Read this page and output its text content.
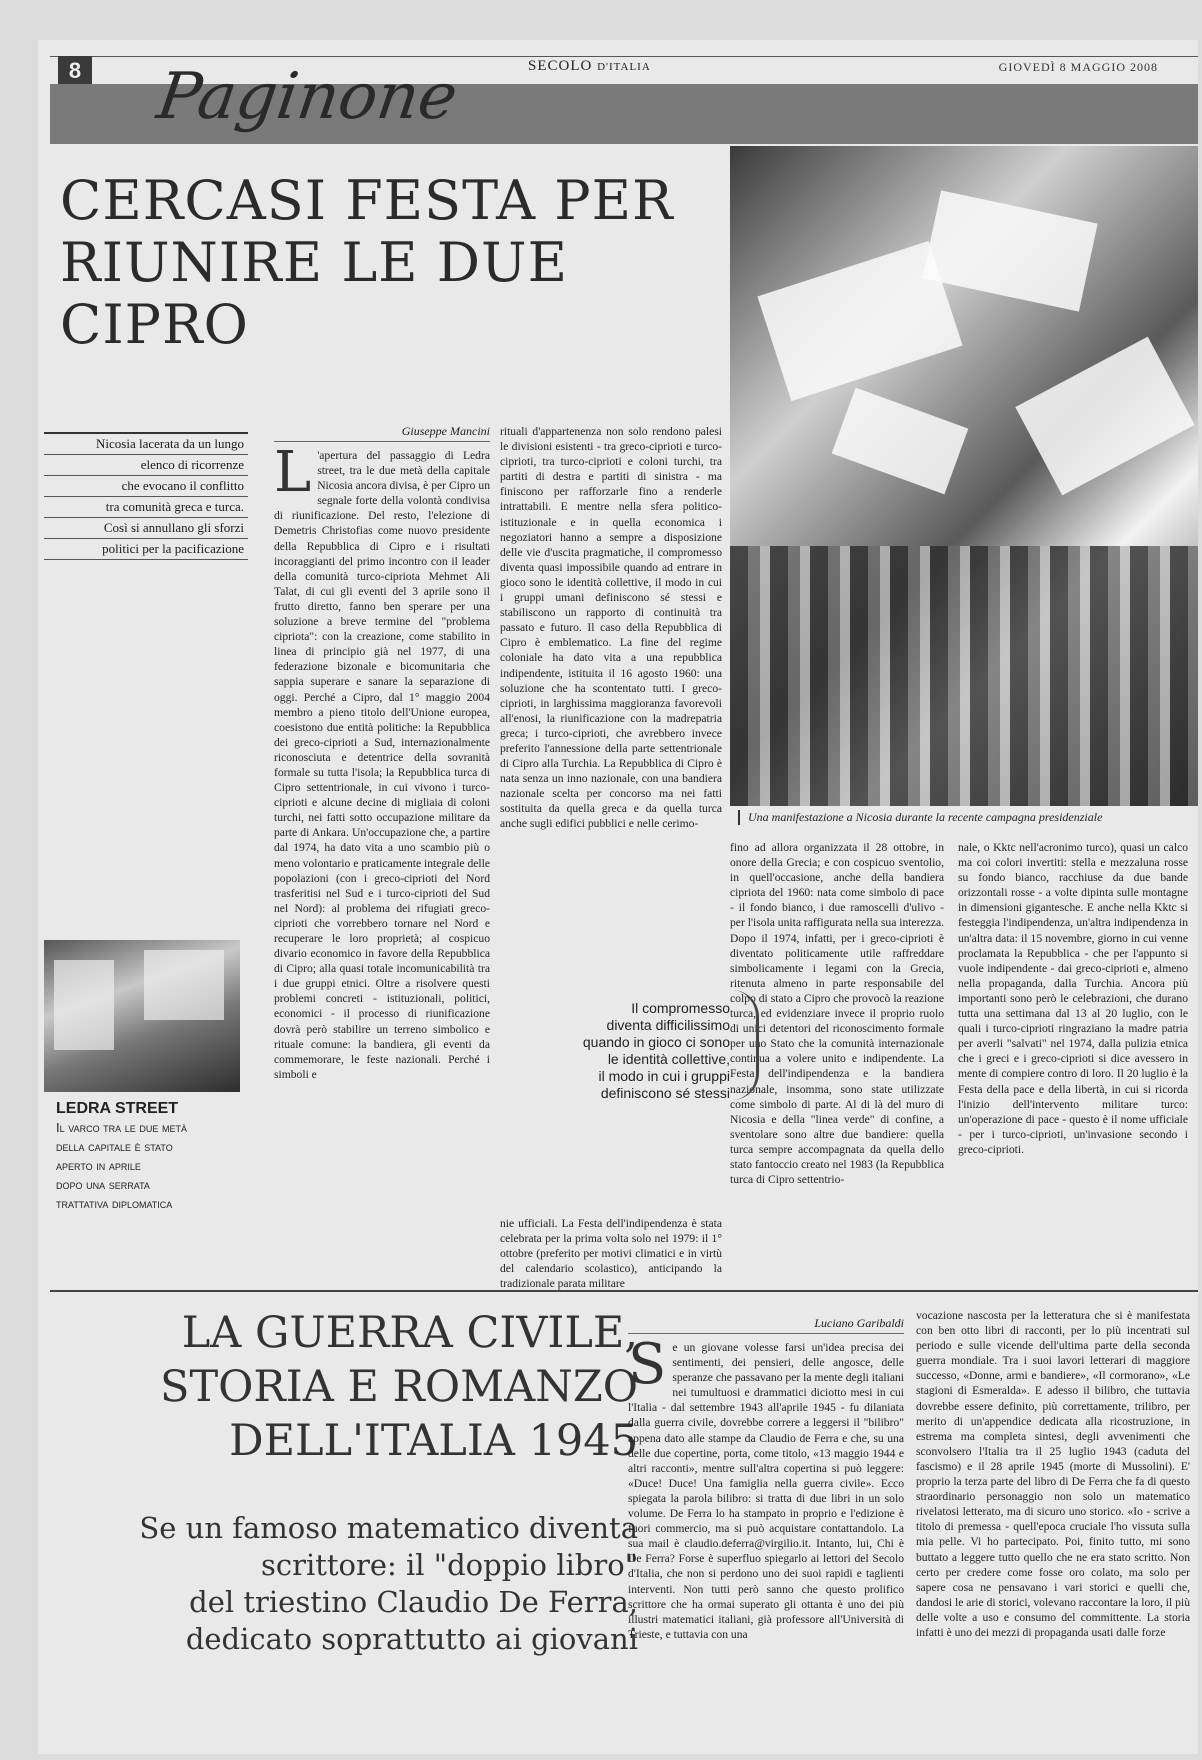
8	SECOLO D'ITALIA	GIOVEDÌ 8 MAGGIO 2008
Paginone
CERCASI FESTA PER RIUNIRE LE DUE CIPRO
Una manifestazione a Nicosia durante la recente campagna presidenziale
Nicosia lacerata da un lungo
elenco di ricorrenze
che evocano il conflitto
tra comunità greca e turca.
Così si annullano gli sforzi
politici per la pacificazione
Giuseppe Mancini
L 'apertura del passaggio di Ledra street, tra le due metà della capitale Nicosia ancora divisa, è per Cipro un segnale forte della volontà condivisa di riunificazione. Del resto, l'elezione di Demetris Christofias come nuovo presidente della Repubblica di Cipro e i risultati incoraggianti del primo incontro con il leader della comunità turco-cipriota Mehmet Ali Talat, di cui gli eventi del 3 aprile sono il frutto diretto, fanno ben sperare per una soluzione a breve termine del "problema cipriota": con la creazione, come stabilito in linea di principio già nel 1977, di una federazione bizonale e bicomunitaria che sappia superare e sanare la separazione di oggi. Perché a Cipro, dal 1° maggio 2004 membro a pieno titolo dell'Unione europea, coesistono due entità politiche: la Repubblica dei greco-ciprioti a Sud, internazionalmente riconosciuta e detentrice della sovranità formale su tutta l'isola; la Repubblica turca di Cipro settentrionale, in cui vivono i turco-ciprioti e alcune decine di migliaia di coloni turchi, nei fatti sotto occupazione militare da parte di Ankara. Un'occupazione che, a partire dal 1974, ha dato vita a uno scambio più o meno volontario e praticamente integrale delle popolazioni (con i greco-ciprioti del Nord trasferitisi nel Sud e i turco-ciprioti del Sud nel Nord): al problema dei rifugiati greco-ciprioti che vorrebbero tornare nel Nord e recuperare le loro proprietà; al cospicuo divario economico in favore della Repubblica di Cipro; alla quasi totale incomunicabilità tra i due gruppi etnici. Oltre a risolvere questi problemi concreti - istituzionali, politici, economici - il processo di riunificazione dovrà però stabilire un terreno simbolico e rituale comune: la bandiera, gli eventi da commemorare, le feste nazionali. Perché i simboli e
rituali d'appartenenza non solo rendono palesi le divisioni esistenti - tra greco-ciprioti e turco-ciprioti, tra turco-ciprioti e coloni turchi, tra partiti di destra e partiti di sinistra - ma finiscono per rafforzarle fino a renderle intrattabili. E mentre nella sfera politico-istituzionale e in quella economica i negoziatori hanno a sempre a disposizione delle vie d'uscita pragmatiche, il compromesso diventa quasi impossibile quando ad entrare in gioco sono le identità collettive, il modo in cui i gruppi umani definiscono sé stessi e stabiliscono un rapporto di continuità tra passato e futuro. Il caso della Repubblica di Cipro è emblematico. La fine del regime coloniale ha dato vita a una repubblica indipendente, istituita il 16 agosto 1960: una soluzione che ha scontentato tutti. I greco-ciprioti, in larghissima maggioranza favorevoli all'enosi, la riunificazione con la madrepatria greca; i turco-ciprioti, che avrebbero invece preferito l'annessione della parte settentrionale di Cipro alla Turchia. La Repubblica di Cipro è nata senza un inno nazionale, con una bandiera nazionale scelta per concorso ma nei fatti sostituita da quella greca e da quella turca anche sugli edifici pubblici e nelle cerimo-
nie ufficiali. La Festa dell'indipendenza è stata celebrata per la prima volta solo nel 1979: il 1° ottobre (preferito per motivi climatici e in virtù del calendario scolastico), anticipando la tradizionale parata militare
fino ad allora organizzata il 28 ottobre, in onore della Grecia; e con cospicuo sventolio, in quell'occasione, anche della bandiera cipriota del 1960: nata come simbolo di pace - il fondo bianco, i due ramoscelli d'ulivo - per l'isola unita raffigurata nella sua interezza. Dopo il 1974, infatti, per i greco-ciprioti è diventato politicamente utile raffreddare simbolicamente i legami con la Grecia, ritenuta almeno in parte responsabile del colpo di stato a Cipro che provocò la reazione turca, ed evidenziare invece il proprio ruolo di unici detentori del riconoscimento formale per uno Stato che la comunità internazionale continua a volere unito e indipendente. La Festa dell'indipendenza e la bandiera nazionale, insomma, sono state utilizzate come simbolo di parte. Al di là del muro di Nicosia e della "linea verde" di confine, a sventolare sono altre due bandiere: quella turca sempre accompagnata da quella dello stato fantoccio creato nel 1983 (la Repubblica turca di Cipro settentrio-
nale, o Kktc nell'acronimo turco), quasi un calco ma coi colori invertiti: stella e mezzaluna rosse su fondo bianco, racchiuse da due bande orizzontali rosse - a volte dipinta sulle montagne in dimensioni gigantesche. E anche nella Kktc si festeggia l'indipendenza, un'altra indipendenza in un'altra data: il 15 novembre, giorno in cui venne proclamata la Repubblica - che per l'appunto si vuole indipendente - dai greco-ciprioti e, almeno nella propaganda, dalla Turchia. Ancora più importanti sono però le celebrazioni, che durano tutta una settimana dal 13 al 20 luglio, con le quali i turco-ciprioti ringraziano la madre patria per averli "salvati" nel 1974, dalla pulizia etnica che i greci e i greco-ciprioti si dice avessero in mente di compiere contro di loro. Il 20 luglio è la Festa della pace e della libertà, in cui si ricorda l'inizio dell'intervento militare turco: un'operazione di pace - questo è il nome ufficiale - per i turco-ciprioti, un'invasione secondo i greco-ciprioti.
Il compromesso
diventa difficilissimo
quando in gioco ci sono
le identità collettive,
il modo in cui i gruppi
definiscono sé stessi
LEDRA STREET
Il varco tra le due metà
della capitale è stato
aperto in aprile
dopo una serrata
trattativa diplomatica
LA GUERRA CIVILE, STORIA E ROMANZO DELL'ITALIA 1945
Se un famoso matematico diventa
scrittore: il "doppio libro"
del triestino Claudio De Ferra,
dedicato soprattutto ai giovani
Luciano Garibaldi
Se un giovane volesse farsi un'idea precisa dei sentimenti, dei pensieri, delle angosce, delle speranze che passavano per la mente degli italiani nei tumultuosi e drammatici diciotto mesi in cui l'Italia - dal settembre 1943 all'aprile 1945 - fu dilaniata dalla guerra civile, dovrebbe correre a leggersi il "bilibro" appena dato alle stampe da Claudio de Ferra e che, su una delle due copertine, porta, come titolo, «13 maggio 1944 e altri racconti», mentre sull'altra copertina si può leggere: «Duce! Duce! Una famiglia nella guerra civile». Ecco spiegata la parola bilibro: si tratta di due libri in un solo volume. De Ferra lo ha stampato in proprio e l'edizione è fuori commercio, ma si può acquistare contattandolo. La sua mail è claudio.deferra@virgilio.it. Intanto, lui, Chi è De Ferra? Forse è superfluo spiegarlo ai lettori del Secolo d'Italia, che non si perdono uno dei suoi rapidi e taglienti interventi. Non tutti però sanno che questo prolifico scrittore che ha ormai superato gli ottanta è uno dei più illustri matematici italiani, già professore all'Università di Trieste, e tuttavia con una
vocazione nascosta per la letteratura che si è manifestata con ben otto libri di racconti, per lo più incentrati sul periodo e sulle vicende dell'ultima parte della seconda guerra mondiale. Tra i suoi lavori letterari di maggiore successo, «Donne, armi e bandiere», «Il cormorano», «Le stagioni di Esmeralda». E adesso il bilibro, che tuttavia dovrebbe essere definito, più correttamente, trilibro, per merito di un'appendice dedicata alla ricostruzione, in estrema ma completa sintesi, degli avvenimenti che sconvolsero l'Italia tra il 25 luglio 1943 (caduta del fascismo) e il 28 aprile 1945 (morte di Mussolini). E' proprio la terza parte del libro di De Ferra che fa di questo straordinario personaggio non solo un matematico rivelatosi letterato, ma di sicuro uno storico. «Io - scrive a titolo di premessa - quell'epoca cruciale l'ho vissuta sulla mia pelle. Vi ho partecipato. Poi, finito tutto, mi sono buttato a leggere tutto quello che ne era stato scritto. Non certo per credere come fosse oro colato, ma solo per sapere cosa ne pensavano i vari storici e quelli che, dandosi le arie di storici, volevano raccontare la loro, il più delle volte a uso e consumo del committente. La storia infatti è uno dei mezzi di propaganda usati dalle forze
